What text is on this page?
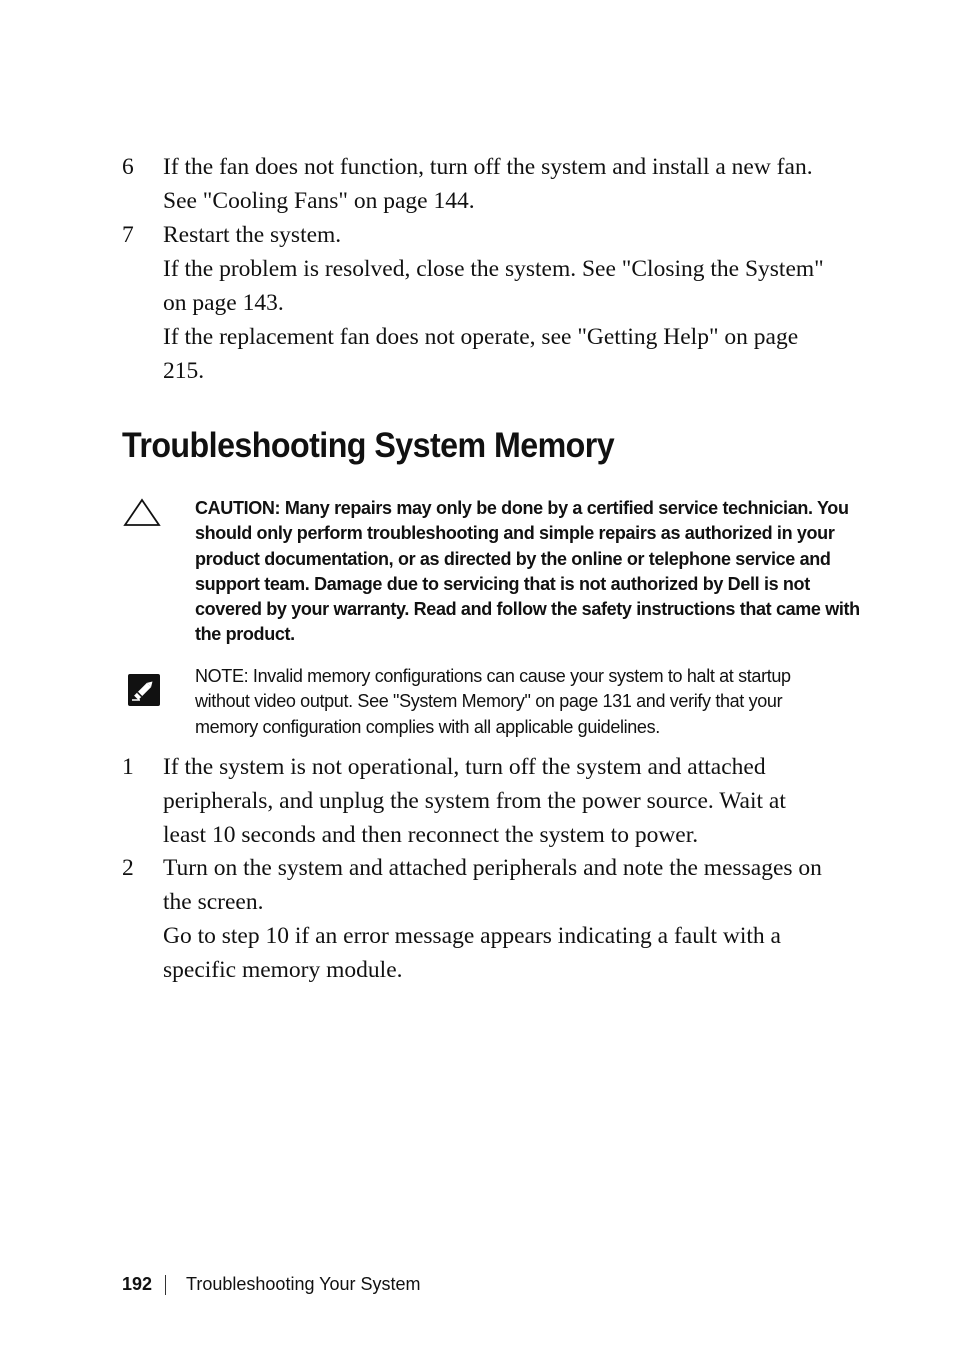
6	If the fan does not function, turn off the system and install a new fan.

See "Cooling Fans" on page 144.

7	Restart the system.

If the problem is resolved, close the system. See "Closing the System"

on page 143.

If the replacement fan does not operate, see "Getting Help" on page

215.

Troubleshooting System Memory
CAUTION: Many repairs may only be done by a certified service technician. You
should only perform troubleshooting and simple repairs as authorized in your
product documentation, or as directed by the online or telephone service and
support team. Damage due to servicing that is not authorized by Dell is not
covered by your warranty. Read and follow the safety instructions that came with
the product.
NOTE: Invalid memory configurations can cause your system to halt at startup
without video output. See "System Memory" on page 131 and verify that your
memory configuration complies with all applicable guidelines.
1	If the system is not operational, turn off the system and attached

peripherals, and unplug the system from the power source. Wait at

least 10 seconds and then reconnect the system to power.

2	Turn on the system and attached peripherals and note the messages on

the screen.

Go to step 10 if an error message appears indicating a fault with a

specific memory module.

192 Troubleshooting Your System
